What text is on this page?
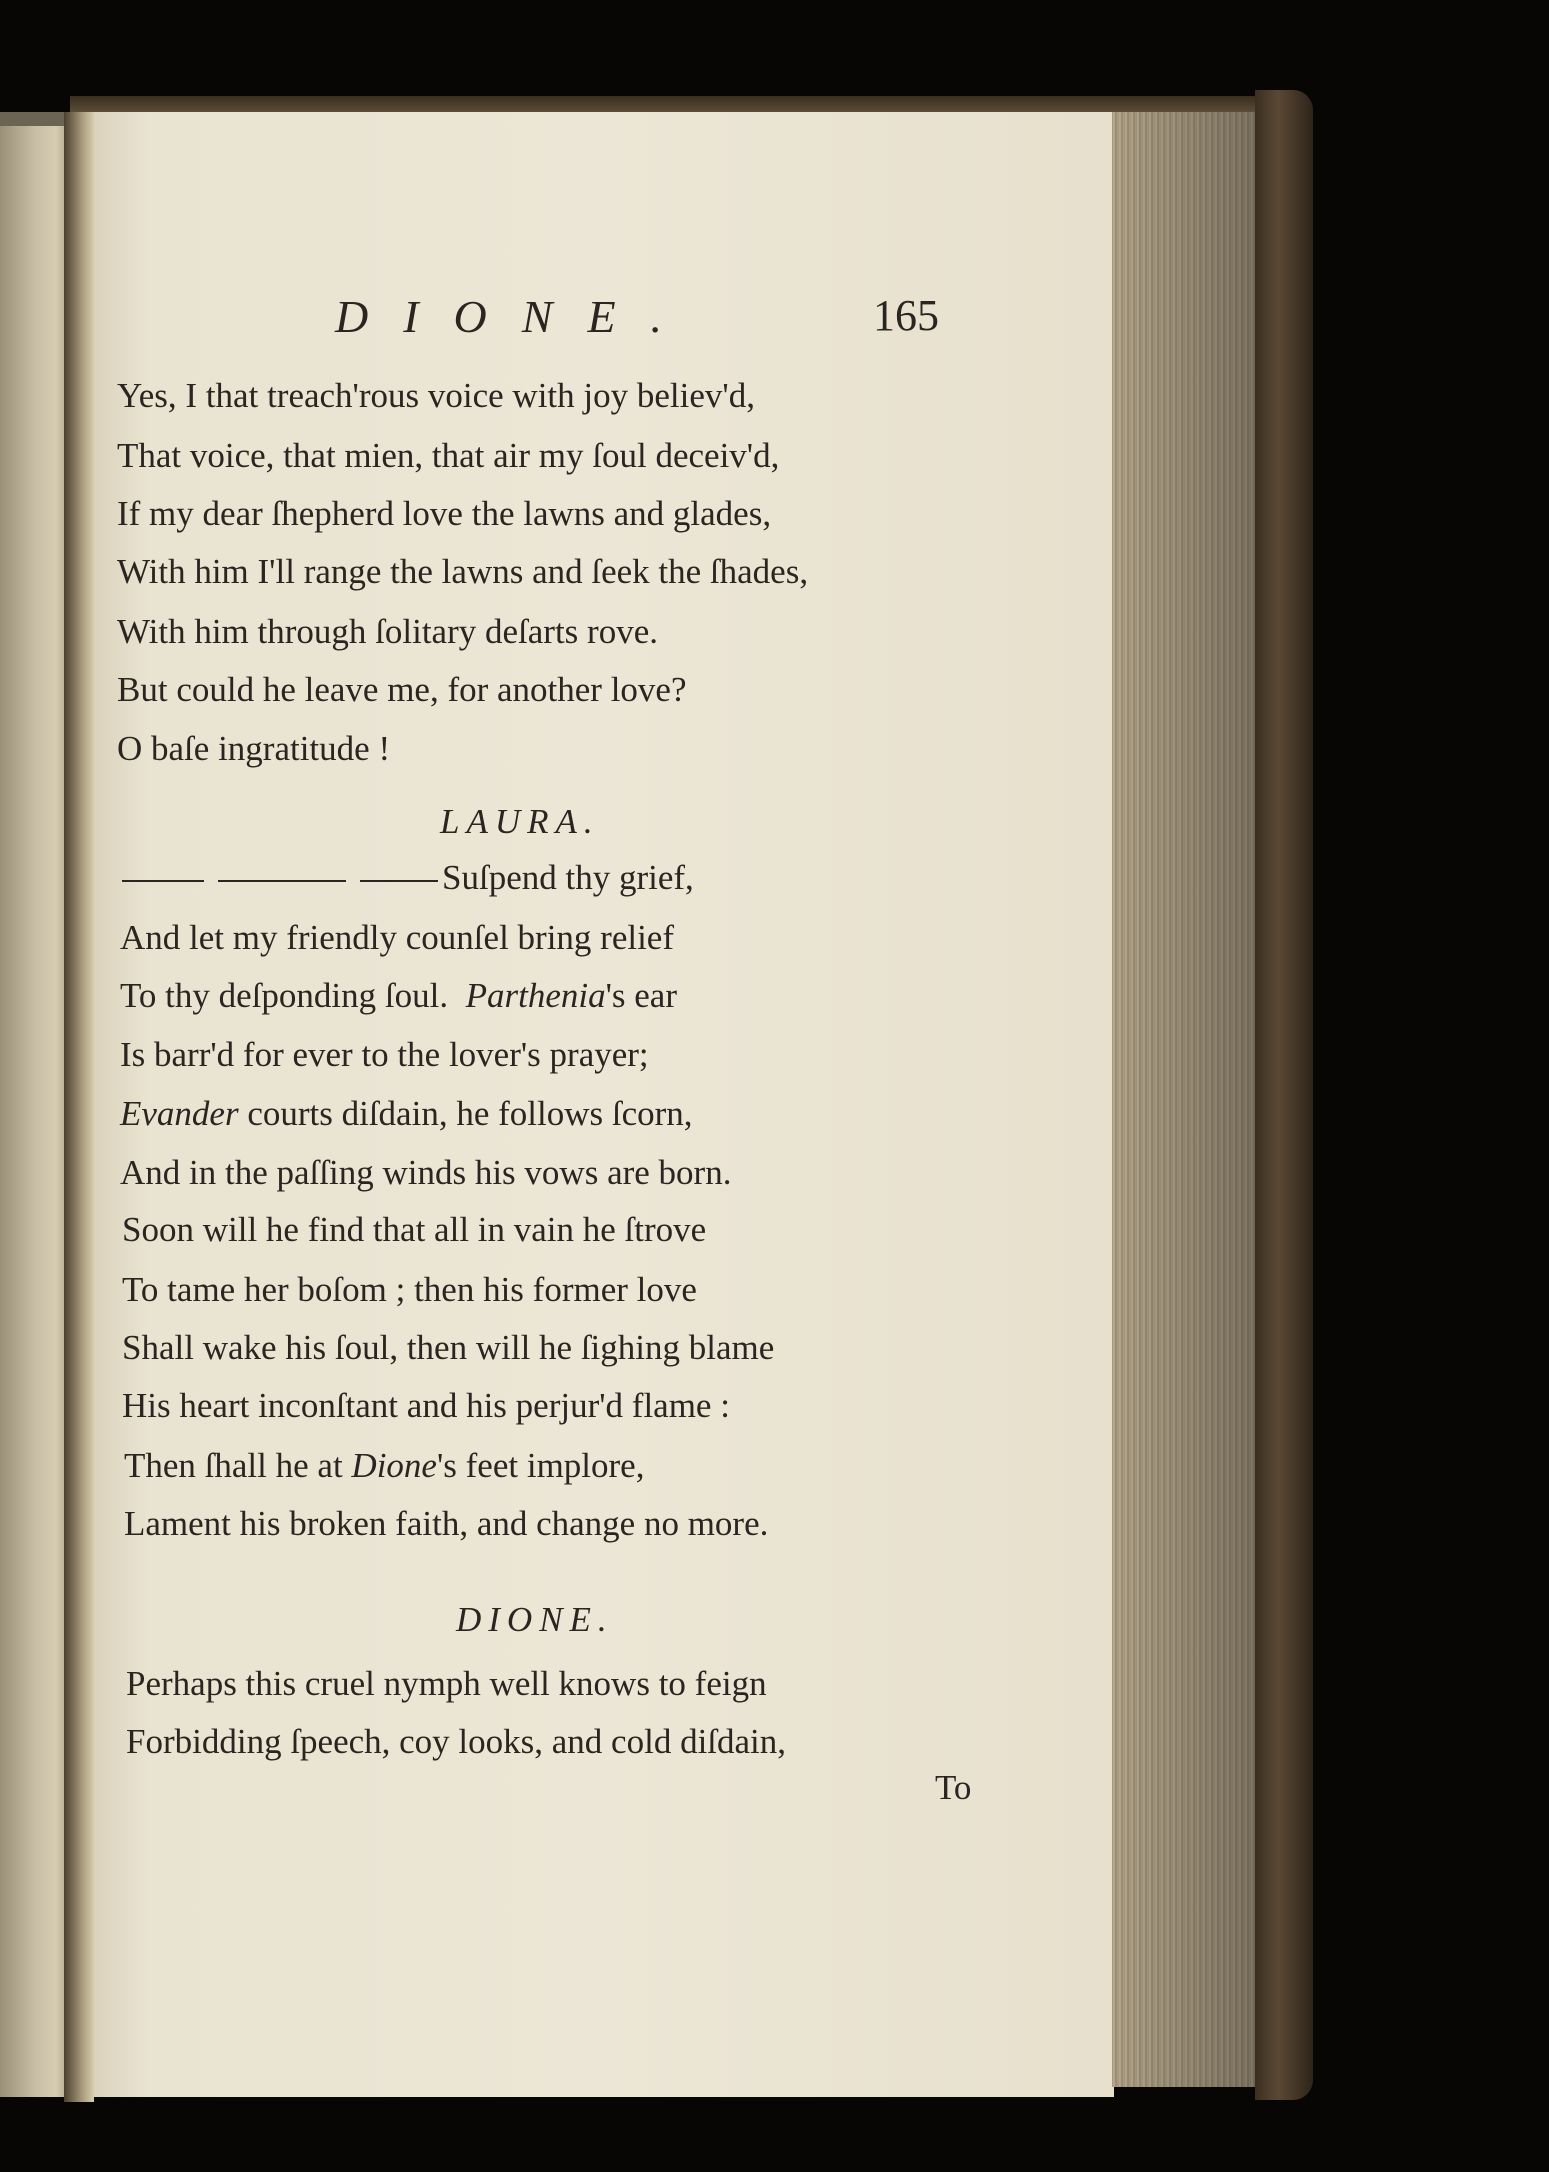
DIONE.	165
Yes, I that treach'rous voice with joy believ'd,
That voice, that mien, that air my ſoul deceiv'd,
If my dear ſhepherd love the lawns and glades,
With him I'll range the lawns and ſeek the ſhades,
With him through ſolitary deſarts rove.
But could he leave me, for another love?
O baſe ingratitude !
LAURA.
Suſpend thy grief,
And let my friendly counſel bring relief
To thy deſponding ſoul. Parthenia's ear
Is barr'd for ever to the lover's prayer;
Evander courts diſdain, he follows ſcorn,
And in the paſſing winds his vows are born.
Soon will he find that all in vain he ſtrove
To tame her boſom ; then his former love
Shall wake his ſoul, then will he ſighing blame
His heart inconſtant and his perjur'd flame :
Then ſhall he at Dione's feet implore,
Lament his broken faith, and change no more.
DIONE.
Perhaps this cruel nymph well knows to feign
Forbidding ſpeech, coy looks, and cold diſdain,
To
